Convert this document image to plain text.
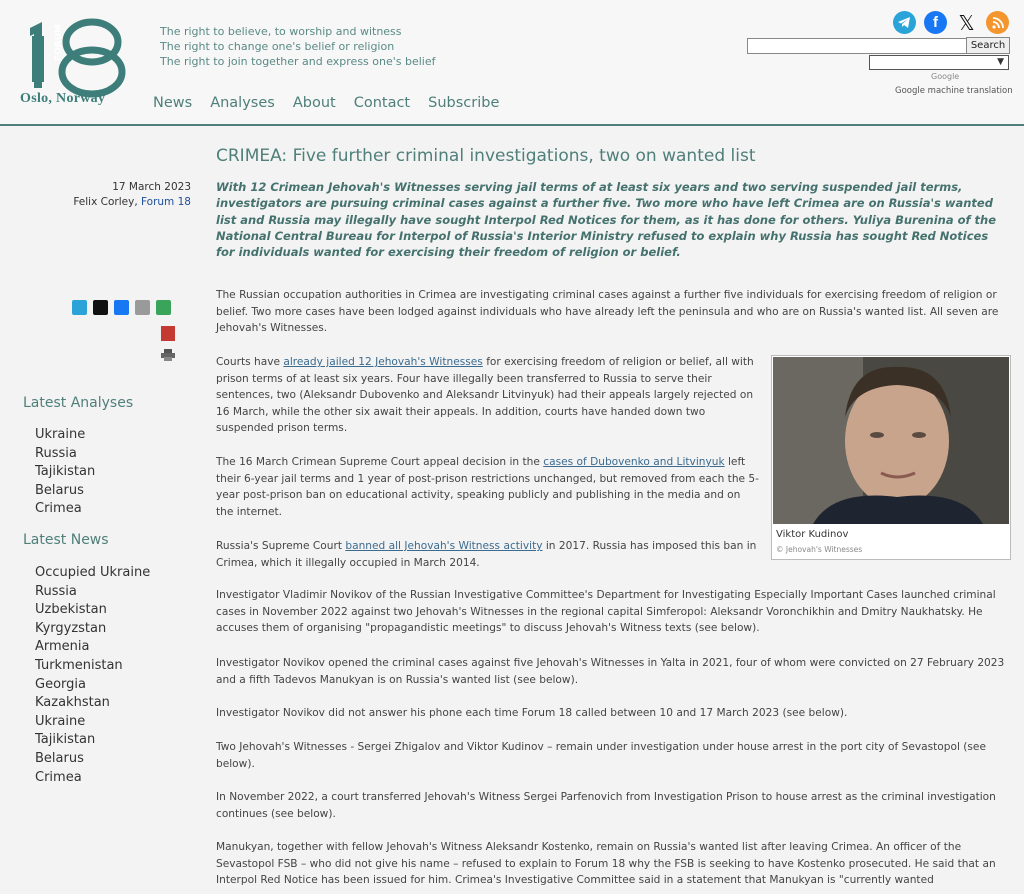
FORUM
Oslo, Norway
The right to believe, to worship and witness
The right to change one's belief or religion
The right to join together and express one's belief
News Analyses About Contact Subscribe
f 𝕏
Search
▼
Google
Google machine translation
17 March 2023
Felix Corley, Forum 18
Latest Analyses
Ukraine
Russia
Tajikistan
Belarus
Crimea
Latest News
Occupied Ukraine
Russia
Uzbekistan
Kyrgyzstan
Armenia
Turkmenistan
Georgia
Kazakhstan
Ukraine
Tajikistan
Belarus
Crimea
CRIMEA: Five further criminal investigations, two on wanted list
With 12 Crimean Jehovah's Witnesses serving jail terms of at least six years and two serving suspended jail terms, investigators are pursuing criminal cases against a further five. Two more who have left Crimea are on Russia's wanted list and Russia may illegally have sought Interpol Red Notices for them, as it has done for others. Yuliya Burenina of the National Central Bureau for Interpol of Russia's Interior Ministry refused to explain why Russia has sought Red Notices for individuals wanted for exercising their freedom of religion or belief.
The Russian occupation authorities in Crimea are investigating criminal cases against a further five individuals for exercising freedom of religion or belief. Two more cases have been lodged against individuals who have already left the peninsula and who are on Russia's wanted list. All seven are Jehovah's Witnesses.
Courts have already jailed 12 Jehovah's Witnesses for exercising freedom of religion or belief, all with prison terms of at least six years. Four have illegally been transferred to Russia to serve their sentences, two (Aleksandr Dubovenko and Aleksandr Litvinyuk) had their appeals largely rejected on 16 March, while the other six await their appeals. In addition, courts have handed down two suspended prison terms.
The 16 March Crimean Supreme Court appeal decision in the cases of Dubovenko and Litvinyuk left their 6-year jail terms and 1 year of post-prison restrictions unchanged, but removed from each the 5-year post-prison ban on educational activity, speaking publicly and publishing in the media and on the internet.
Russia's Supreme Court banned all Jehovah's Witness activity in 2017. Russia has imposed this ban in Crimea, which it illegally occupied in March 2014.
Viktor Kudinov
© Jehovah's Witnesses
Investigator Vladimir Novikov of the Russian Investigative Committee's Department for Investigating Especially Important Cases launched criminal cases in November 2022 against two Jehovah's Witnesses in the regional capital Simferopol: Aleksandr Voronchikhin and Dmitry Naukhatsky. He accuses them of organising "propagandistic meetings" to discuss Jehovah's Witness texts (see below).
Investigator Novikov opened the criminal cases against five Jehovah's Witnesses in Yalta in 2021, four of whom were convicted on 27 February 2023 and a fifth Tadevos Manukyan is on Russia's wanted list (see below).
Investigator Novikov did not answer his phone each time Forum 18 called between 10 and 17 March 2023 (see below).
Two Jehovah's Witnesses - Sergei Zhigalov and Viktor Kudinov – remain under investigation under house arrest in the port city of Sevastopol (see below).
In November 2022, a court transferred Jehovah's Witness Sergei Parfenovich from Investigation Prison to house arrest as the criminal investigation continues (see below).
Manukyan, together with fellow Jehovah's Witness Aleksandr Kostenko, remain on Russia's wanted list after leaving Crimea. An officer of the Sevastopol FSB – who did not give his name – refused to explain to Forum 18 why the FSB is seeking to have Kostenko prosecuted. He said that an Interpol Red Notice has been issued for him. Crimea's Investigative Committee said in a statement that Manukyan is "currently wanted
